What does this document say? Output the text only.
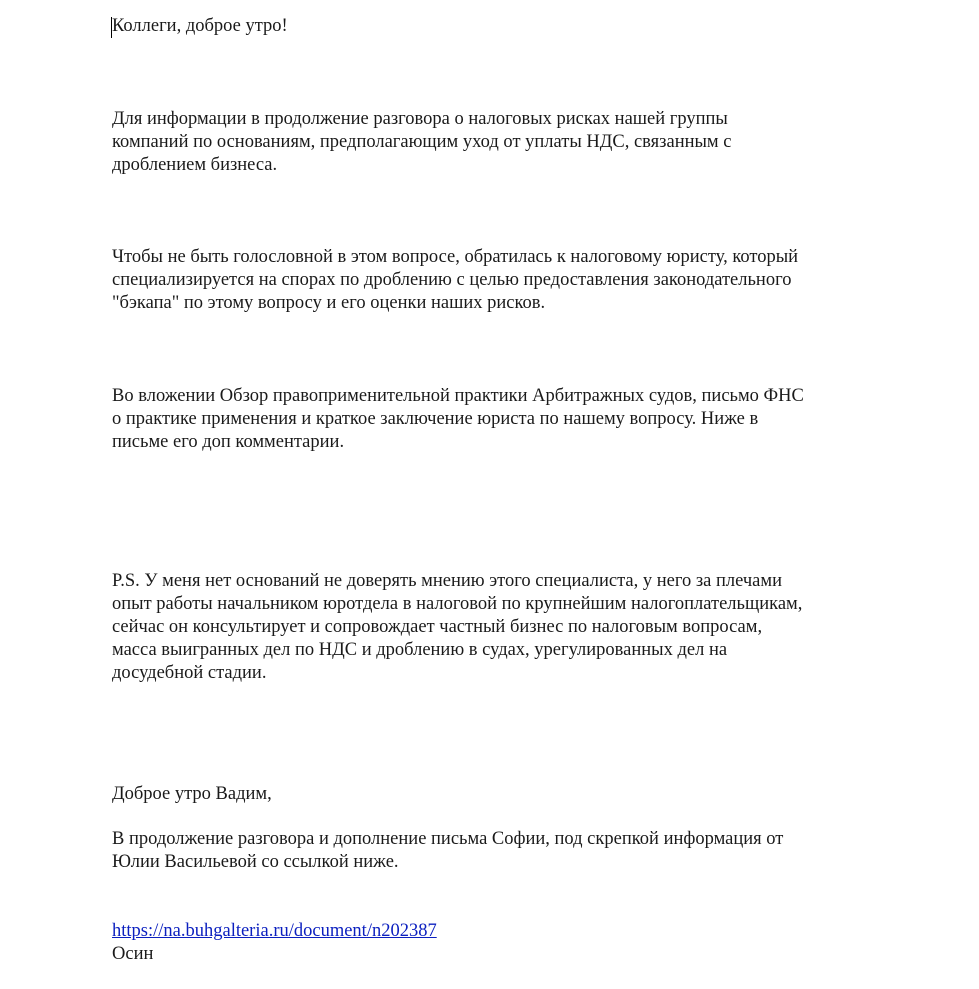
Коллеги, доброе утро!

Для информации в продолжение разговора о налоговых рисках нашей группы
компаний по основаниям, предполагающим уход от уплаты НДС, связанным с
дроблением бизнеса.

Чтобы не быть голословной в этом вопросе, обратилась к налоговому юристу, который
специализируется на спорах по дроблению с целью предоставления законодательного
"бэкапа" по этому вопросу и его оценки наших рисков.

Во вложении Обзор правоприменительной практики Арбитражных судов, письмо ФНС
о практике применения и краткое заключение юриста по нашему вопросу. Ниже в
письме его доп комментарии.

P.S. У меня нет оснований не доверять мнению этого специалиста, у него за плечами
опыт работы начальником юротдела в налоговой по крупнейшим налогоплательщикам,
сейчас он консультирует и сопровождает частный бизнес по налоговым вопросам,
масса выигранных дел по НДС и дроблению в судах, урегулированных дел на
досудебной стадии.

Доброе утро Вадим,

В продолжение разговора и дополнение письма Софии, под скрепкой информация от
Юлии Васильевой со ссылкой ниже.

https://na.buhgalteria.ru/document/n202387

Осин
